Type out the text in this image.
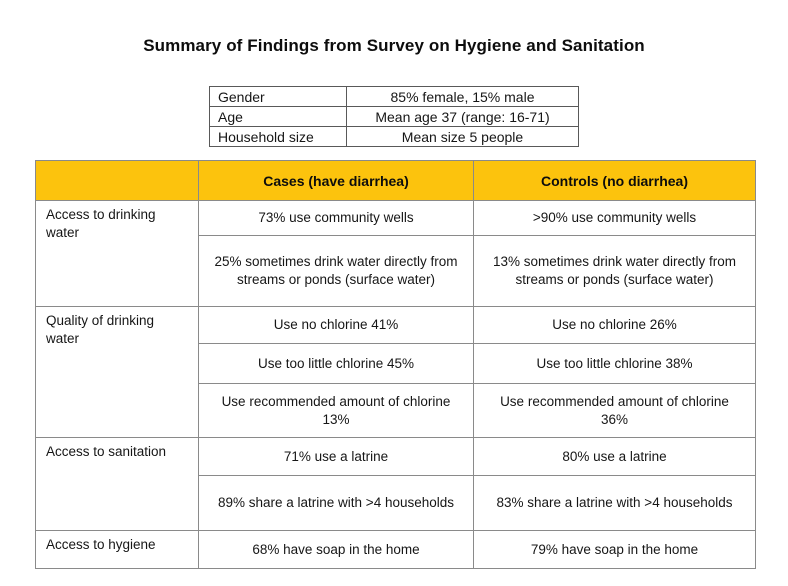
Summary of Findings from Survey on Hygiene and Sanitation
Gender	85% female, 15% male
Age	Mean age 37 (range: 16-71)
Household size	Mean size 5 people
	Cases (have diarrhea)	Controls (no diarrhea)
Access to drinking water	73% use community wells	>90% use community wells
	25% sometimes drink water directly from streams or ponds (surface water)	13% sometimes drink water directly from streams or ponds (surface water)
Quality of drinking water	Use no chlorine 41%	Use no chlorine 26%
	Use too little chlorine 45%	Use too little chlorine 38%
	Use recommended amount of chlorine 13%	Use recommended amount of chlorine 36%
Access to sanitation	71% use a latrine	80% use a latrine
	89% share a latrine with >4 households	83% share a latrine with >4 households
Access to hygiene	68% have soap in the home	79% have soap in the home
